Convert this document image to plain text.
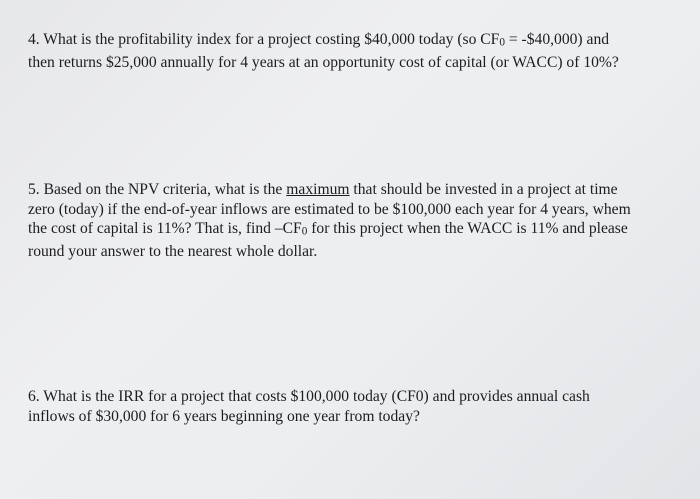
4. What is the profitability index for a project costing $40,000 today (so CF0 = -$40,000) and
then returns $25,000 annually for 4 years at an opportunity cost of capital (or WACC) of 10%?

5. Based on the NPV criteria, what is the maximum that should be invested in a project at time
zero (today) if the end-of-year inflows are estimated to be $100,000 each year for 4 years, whem
the cost of capital is 11%? That is, find –CF0 for this project when the WACC is 11% and please
round your answer to the nearest whole dollar.

6. What is the IRR for a project that costs $100,000 today (CF0) and provides annual cash
inflows of $30,000 for 6 years beginning one year from today?
